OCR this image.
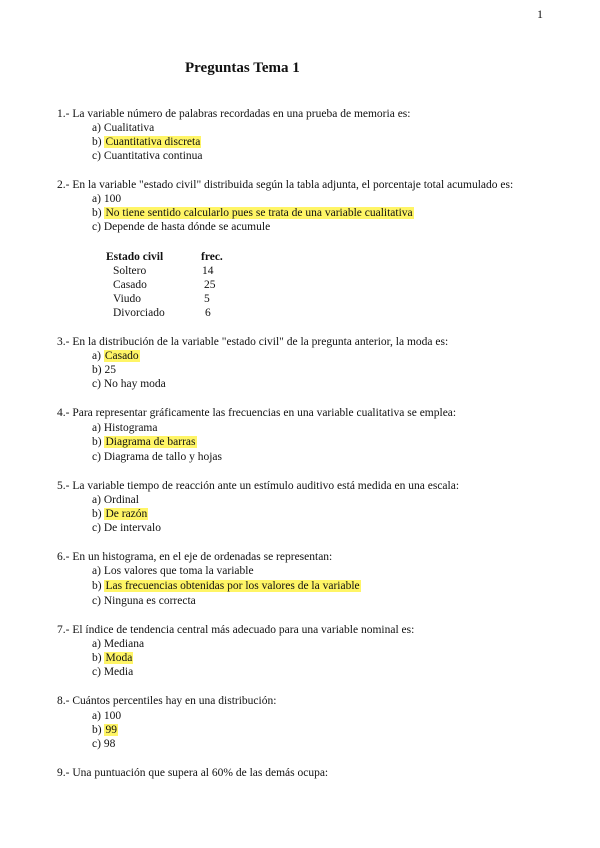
1
Preguntas Tema 1
1.- La variable número de palabras recordadas en una prueba de memoria es:
a) Cualitativa
b) Cuantitativa discreta
c) Cuantitativa continua
2.- En la variable "estado civil" distribuida según la tabla adjunta, el porcentaje total acumulado es:
a) 100
b) No tiene sentido calcularlo pues se trata de una variable cualitativa
c) Depende de hasta dónde se acumule
Estado civil	frec.
Soltero	14
Casado	25
Viudo	5
Divorciado	6
3.- En la distribución de la variable "estado civil" de la pregunta anterior, la moda es:
a) Casado
b) 25
c) No hay moda
4.- Para representar gráficamente las frecuencias en una variable cualitativa se emplea:
a) Histograma
b) Diagrama de barras
c) Diagrama de tallo y hojas
5.- La variable tiempo de reacción ante un estímulo auditivo está medida en una escala:
a) Ordinal
b) De razón
c) De intervalo
6.- En un histograma, en el eje de ordenadas se representan:
a) Los valores que toma la variable
b) Las frecuencias obtenidas por los valores de la variable
c) Ninguna es correcta
7.- El índice de tendencia central más adecuado para una variable nominal es:
a) Mediana
b) Moda
c) Media
8.- Cuántos percentiles hay en una distribución:
a) 100
b) 99
c) 98
9.- Una puntuación que supera al 60% de las demás ocupa:
